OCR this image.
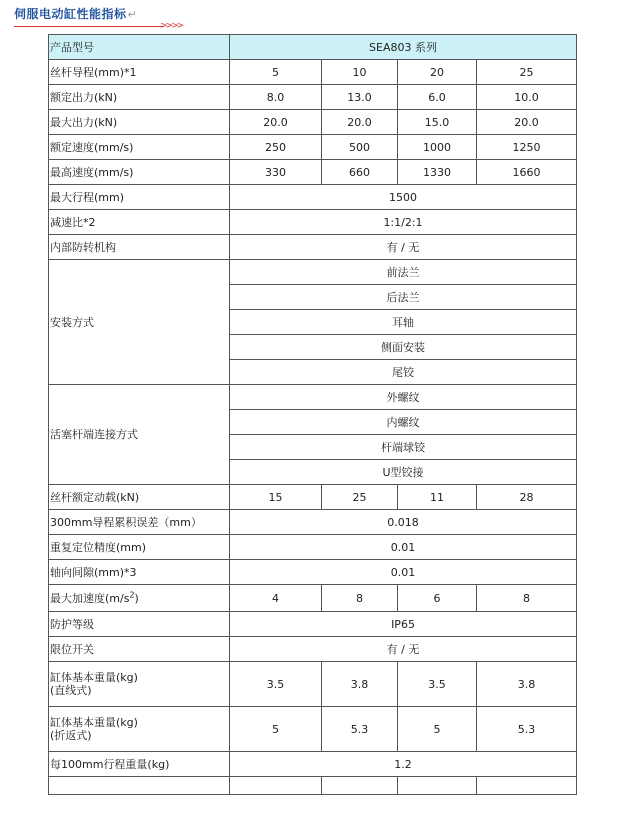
伺服电动缸性能指标↵
>>>>
产品型号	SEA803 系列			
丝杆导程(mm)*1	5	10	20	25
额定出力(kN)	8.0	13.0	6.0	10.0
最大出力(kN)	20.0	20.0	15.0	20.0
额定速度(mm/s)	250	500	1000	1250
最高速度(mm/s)	330	660	1330	1660
最大行程(mm)	1500			
减速比*2	1:1/2:1			
内部防转机构	有 / 无			
安装方式	前法兰			
	后法兰			
	耳轴			
	侧面安装			
	尾铰			
活塞杆端连接方式	外螺纹			
	内螺纹			
	杆端球铰			
	U型铰接			
丝杆额定动载(kN)	15	25	11	28
300mm导程累积误差（mm）	0.018			
重复定位精度(mm)	0.01			
轴向间隙(mm)*3	0.01			
最大加速度$(m/s^2)$	4	8	6	8
防护等级	IP65			
限位开关	有 / 无			
缸体基本重量(kg)
(直线式)	3.5	3.8	3.5	3.8
缸体基本重量(kg)
(折返式)	5	5.3	5	5.3
每100mm行程重量(kg)	1.2			
